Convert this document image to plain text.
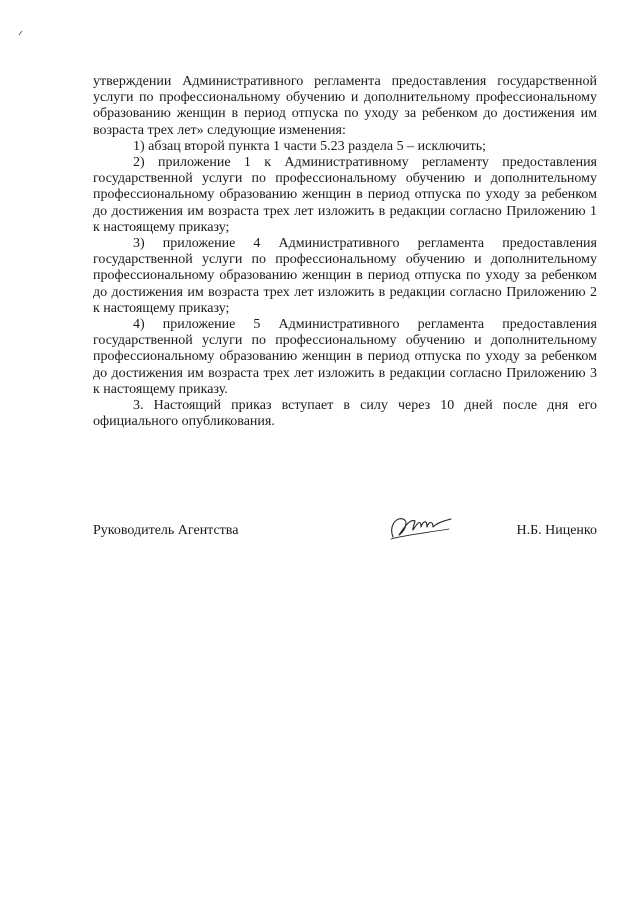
утверждении Административного регламента предоставления государственной услуги по профессиональному обучению и дополнительному профессиональному образованию женщин в период отпуска по уходу за ребенком до достижения им возраста трех лет» следующие изменения:

1) абзац второй пункта 1 части 5.23 раздела 5 – исключить;

2) приложение 1 к Административному регламенту предоставления государственной услуги по профессиональному обучению и дополнительному профессиональному образованию женщин в период отпуска по уходу за ребенком до достижения им возраста трех лет изложить в редакции согласно Приложению 1 к настоящему приказу;

3) приложение 4 Административного регламента предоставления государственной услуги по профессиональному обучению и дополнительному профессиональному образованию женщин в период отпуска по уходу за ребенком до достижения им возраста трех лет изложить в редакции согласно Приложению 2 к настоящему приказу;

4) приложение 5 Административного регламента предоставления государственной услуги по профессиональному обучению и дополнительному профессиональному образованию женщин в период отпуска по уходу за ребенком до достижения им возраста трех лет изложить в редакции согласно Приложению 3 к настоящему приказу.

3. Настоящий приказ вступает в силу через 10 дней после дня его официального опубликования.

Руководитель Агентства	Н.Б. Ниценко
